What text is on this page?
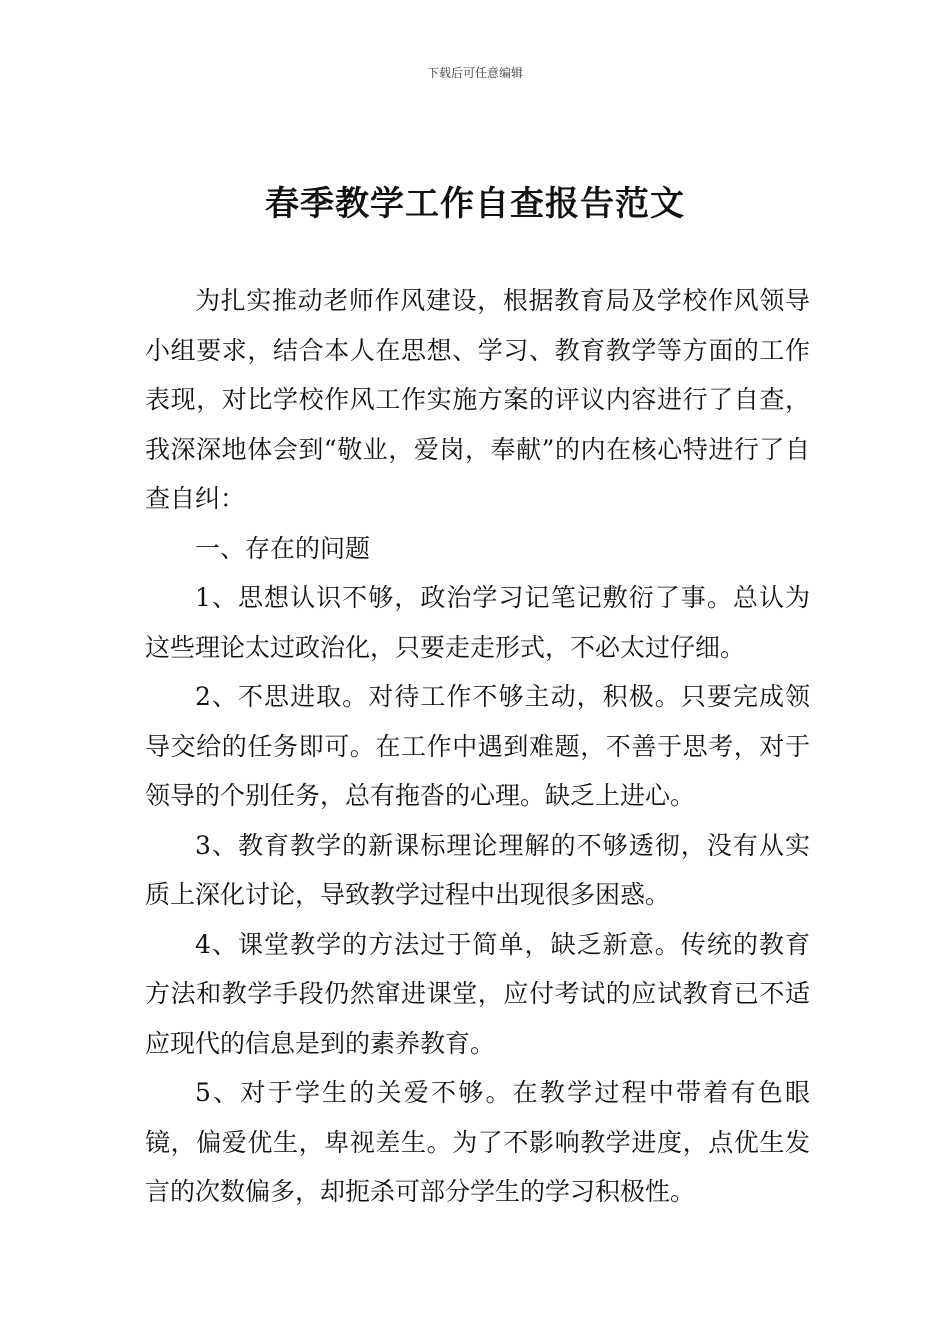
下载后可任意编辑
春季教学工作自查报告范文

为扎实推动老师作风建设，根据教育局及学校作风领导小组要求，结合本人在思想、学习、教育教学等方面的工作表现，对比学校作风工作实施方案的评议内容进行了自查，我深深地体会到“敬业，爱岗，奉献”的内在核心特进行了自查自纠：

一、存在的问题

1、思想认识不够，政治学习记笔记敷衍了事。总认为这些理论太过政治化，只要走走形式，不必太过仔细。

2、不思进取。对待工作不够主动，积极。只要完成领导交给的任务即可。在工作中遇到难题，不善于思考，对于领导的个别任务，总有拖沓的心理。缺乏上进心。

3、教育教学的新课标理论理解的不够透彻，没有从实质上深化讨论，导致教学过程中出现很多困惑。

4、课堂教学的方法过于简单，缺乏新意。传统的教育方法和教学手段仍然窜进课堂，应付考试的应试教育已不适应现代的信息是到的素养教育。

5、对于学生的关爱不够。在教学过程中带着有色眼镜，偏爱优生，卑视差生。为了不影响教学进度，点优生发言的次数偏多，却扼杀可部分学生的学习积极性。
